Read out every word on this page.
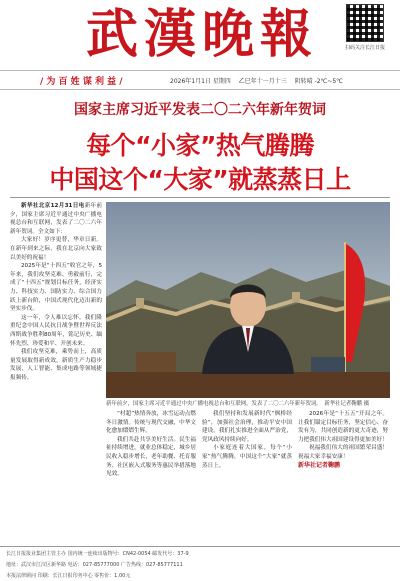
武漢晚報	扫码关注长江日报
/ 为 百 姓 谋 利 益 /	2026年1月1日 星期四 乙巳年十一月十三 阴转晴 -2℃~5℃
国家主席习近平发表二〇二六年新年贺词
每个“小家”热气腾腾
中国这个“大家”就蒸蒸日上

新华社北京12月31日电新年前夕，国家主席习近平通过中央广播电视总台和互联网，发表了二〇二六年新年贺词。全文如下：

大家好！岁序更替，华章日新。在新年到来之际，我在北京向大家致以美好的祝福！

2025年是“十四五”收官之年，5年来，我们攻坚克难、勇毅前行，完成了“十四五”规划目标任务，经济实力、科技实力、国防实力、综合国力跃上新台阶，中国式现代化迈出新的坚实步伐。

这一年，令人难以忘怀。我们隆重纪念中国人民抗日战争暨世界反法西斯战争胜利80周年，铭记历史、缅怀先烈、珍爱和平、开创未来。

我们攻坚克难，乘势而上，高质量发展取得新成效，新质生产力稳步发展，人工智能、集成电路等领域捷报频传。

新年前夕，国家主席习近平通过中央广播电视总台和互联网，发表了二〇二六年新年贺词。　新华社记者鞠鹏 摄

“村超”热情奔放，冰雪运动点燃冬日激情。传统与现代交融，中华文化愈加熠熠生辉。

我们共赴共享美好生活。民生福祉持续增进，就业总体稳定，城乡居民收入稳步增长，老年助餐、托育服务、社区嵌入式服务等惠民举措落地见效。

我们坚持和发展新时代“枫桥经验”，加强社会治理，推动平安中国建设。我们扎实推进全面从严治党，党风政风持续向好。

小家庭连着大国家。每个“小家”热气腾腾，中国这个“大家”就蒸蒸日上。

2026年是“十五五”开局之年。让我们锚定目标任务，坚定信心、奋发有为，共同创造新的更大奇迹，努力把我们伟大祖国建设得更加美好！

祝福我们伟大的祖国繁荣昌盛！祝福大家幸福安康！

新华社记者鞠鹏

长江日报报业集团主管主办 国内统一连续出版物号：CN42-0054 邮发代号：37-9
地址：武汉市江汉区新华路 电话：027-85777000 广告热线：027-85777111
本报法律顾问 印刷：长江日报印务中心 零售价：1.00元
